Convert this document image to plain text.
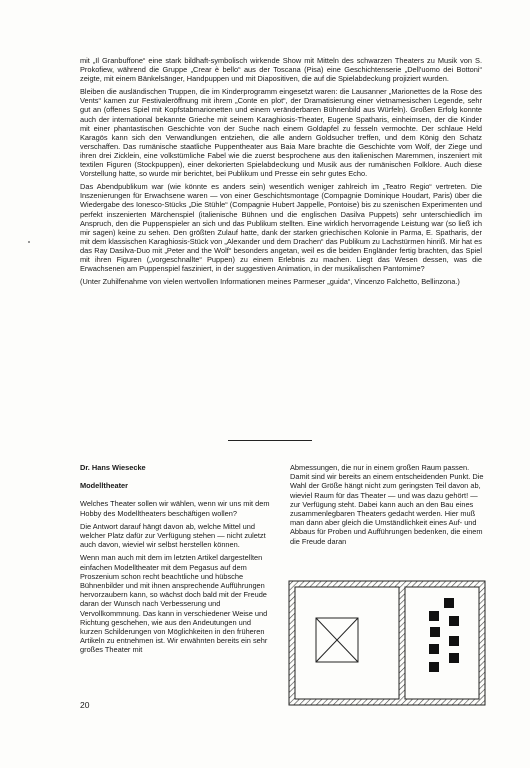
mit „Il Granbuffone“ eine stark bildhaft-symbolisch wirkende Show mit Mitteln des schwarzen Theaters zu Musik von S. Prokofiew, während die Gruppe „Crear è bello“ aus der Toscana (Pisa) eine Geschichtenserie „Dell'uomo dei Bottoni“ zeigte, mit einem Bänkelsänger, Handpuppen und mit Diapositiven, die auf die Spielabdeckung projiziert wurden.

Bleiben die ausländischen Truppen, die im Kinderprogramm eingesetzt waren: die Lausanner „Marionettes de la Rose des Vents“ kamen zur Festivaleröffnung mit ihrem „Conte en plot“, der Dramatisierung einer vietnamesischen Legende, sehr gut an (offenes Spiel mit Kopfstabmarionetten und einem veränderbaren Bühnenbild aus Würfeln). Großen Erfolg konnte auch der international bekannte Grieche mit seinem Karaghiosis-Theater, Eugene Spatharis, einheimsen, der die Kinder mit einer phantastischen Geschichte von der Suche nach einem Goldapfel zu fesseln vermochte. Der schlaue Held Karagös kann sich den Verwandlungen entziehen, die alle andern Goldsucher treffen, und dem König den Schatz verschaffen. Das rumänische staatliche Puppentheater aus Baia Mare brachte die Geschichte vom Wolf, der Ziege und ihren drei Zicklein, eine volkstümliche Fabel wie die zuerst besprochene aus den italienischen Maremmen, inszeniert mit textilen Figuren (Stockpuppen), einer dekorierten Spielabdeckung und Musik aus der rumänischen Folklore. Auch diese Vorstellung hatte, so wurde mir berichtet, bei Publikum und Presse ein sehr gutes Echo.

Das Abendpublikum war (wie könnte es anders sein) wesentlich weniger zahlreich im „Teatro Regio“ vertreten. Die Inszenierungen für Erwachsene waren — von einer Geschichtsmontage (Compagnie Dominique Houdart, Paris) über die Wiedergabe des Ionesco-Stücks „Die Stühle“ (Compagnie Hubert Jappelle, Pontoise) bis zu szenischen Experimenten und perfekt inszenierten Märchenspiel (italienische Bühnen und die englischen Dasilva Puppets) sehr unterschiedlich im Anspruch, den die Puppenspieler an sich und das Publikum stellten. Eine wirklich hervorragende Leistung war (so ließ ich mir sagen) keine zu sehen. Den größten Zulauf hatte, dank der starken griechischen Kolonie in Parma, E. Spatharis, der mit dem klassischen Karaghiosis-Stück von „Alexander und dem Drachen“ das Publikum zu Lachstürmen hinriß. Mir hat es das Ray Dasilva-Duo mit „Peter and the Wolf“ besonders angetan, weil es die beiden Engländer fertig brachten, das Spiel mit ihren Figuren („vorgeschnallte“ Puppen) zu einem Erlebnis zu machen. Liegt das Wesen dessen, was die Erwachsenen am Puppenspiel fasziniert, in der suggestiven Animation, in der musikalischen Pantomime?

(Unter Zuhilfenahme von vielen wertvollen Informationen meines Parmeser „guida“, Vincenzo Falchetto, Bellinzona.)

Dr. Hans Wiesecke

Modelltheater

Welches Theater sollen wir wählen, wenn wir uns mit dem Hobby des Modelltheaters beschäftigen wollen?

Die Antwort darauf hängt davon ab, welche Mittel und welcher Platz dafür zur Verfügung stehen — nicht zuletzt auch davon, wieviel wir selbst herstellen können.

Wenn man auch mit dem im letzten Artikel dargestellten einfachen Modelltheater mit dem Pegasus auf dem Proszenium schon recht beachtliche und hübsche Bühnenbilder und mit ihnen ansprechende Aufführungen hervorzaubern kann, so wächst doch bald mit der Freude daran der Wunsch nach Verbesserung und Vervollkommnung. Das kann in verschiedener Weise und Richtung geschehen, wie aus den Andeutungen und kurzen Schilderungen von Möglichkeiten in den früheren Artikeln zu entnehmen ist. Wir erwähnten bereits ein sehr großes Theater mit

Abmessungen, die nur in einem großen Raum passen. Damit sind wir bereits an einem entscheidenden Punkt. Die Wahl der Größe hängt nicht zum geringsten Teil davon ab, wieviel Raum für das Theater — und was dazu gehört! — zur Verfügung steht. Dabei kann auch an den Bau eines zusammenlegbaren Theaters gedacht werden. Hier muß man dann aber gleich die Umständlichkeit eines Auf- und Abbaus für Proben und Aufführungen bedenken, die einem die Freude daran

20
